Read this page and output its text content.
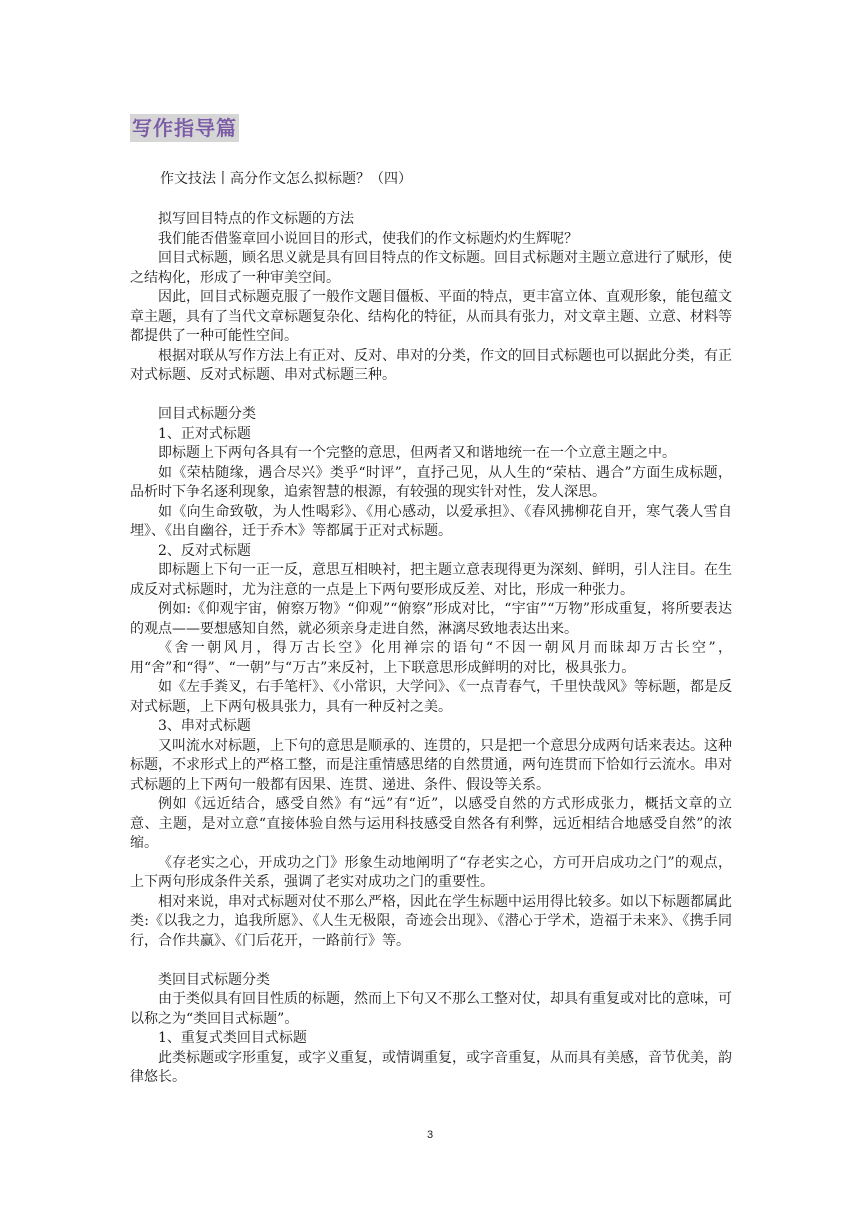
写作指导篇
作文技法丨高分作文怎么拟标题？（四）

拟写回目特点的作文标题的方法

我们能否借鉴章回小说回目的形式，使我们的作文标题灼灼生辉呢？

回目式标题，顾名思义就是具有回目特点的作文标题。回目式标题对主题立意进行了赋形，使之结构化，形成了一种审美空间。

因此，回目式标题克服了一般作文题目僵板、平面的特点，更丰富立体、直观形象，能包蕴文章主题，具有了当代文章标题复杂化、结构化的特征，从而具有张力，对文章主题、立意、材料等都提供了一种可能性空间。

根据对联从写作方法上有正对、反对、串对的分类，作文的回目式标题也可以据此分类，有正对式标题、反对式标题、串对式标题三种。

回目式标题分类

1、正对式标题

即标题上下两句各具有一个完整的意思，但两者又和谐地统一在一个立意主题之中。

如《荣枯随缘，遇合尽兴》类乎“时评”，直抒己见，从人生的“荣枯、遇合”方面生成标题，品析时下争名逐利现象，追索智慧的根源，有较强的现实针对性，发人深思。

如《向生命致敬，为人性喝彩》、《用心感动，以爱承担》、《春风拂柳花自开，寒气袭人雪自埋》、《出自幽谷，迁于乔木》等都属于正对式标题。

2、反对式标题

即标题上下句一正一反，意思互相映衬，把主题立意表现得更为深刻、鲜明，引人注目。在生成反对式标题时，尤为注意的一点是上下两句要形成反差、对比，形成一种张力。

例如:《仰观宇宙，俯察万物》“仰观”“俯察”形成对比，“宇宙”“万物”形成重复，将所要表达的观点——要想感知自然，就必须亲身走进自然，淋漓尽致地表达出来。

《舍一朝风月，得万古长空》化用禅宗的语句“不因一朝风月而昧却万古长空”，用“舍”和“得”、“一朝”与“万古”来反衬，上下联意思形成鲜明的对比，极具张力。

如《左手粪叉，右手笔杆》、《小常识，大学问》、《一点青春气，千里快哉风》等标题，都是反对式标题，上下两句极具张力，具有一种反衬之美。

3、串对式标题

又叫流水对标题，上下句的意思是顺承的、连贯的，只是把一个意思分成两句话来表达。这种标题，不求形式上的严格工整，而是注重情感思绪的自然贯通，两句连贯而下恰如行云流水。串对式标题的上下两句一般都有因果、连贯、递进、条件、假设等关系。

例如《远近结合，感受自然》有“远”有“近”，以感受自然的方式形成张力，概括文章的立意、主题，是对立意“直接体验自然与运用科技感受自然各有利弊，远近相结合地感受自然”的浓缩。

《存老实之心，开成功之门》形象生动地阐明了“存老实之心，方可开启成功之门”的观点，上下两句形成条件关系，强调了老实对成功之门的重要性。

相对来说，串对式标题对仗不那么严格，因此在学生标题中运用得比较多。如以下标题都属此类:《以我之力，追我所愿》、《人生无极限，奇迹会出现》、《潜心于学术，造福于未来》、《携手同行，合作共赢》、《门后花开，一路前行》等。

类回目式标题分类

由于类似具有回目性质的标题，然而上下句又不那么工整对仗，却具有重复或对比的意味，可以称之为“类回目式标题”。

1、重复式类回目式标题

此类标题或字形重复，或字义重复，或情调重复，或字音重复，从而具有美感，音节优美，韵律悠长。

3
